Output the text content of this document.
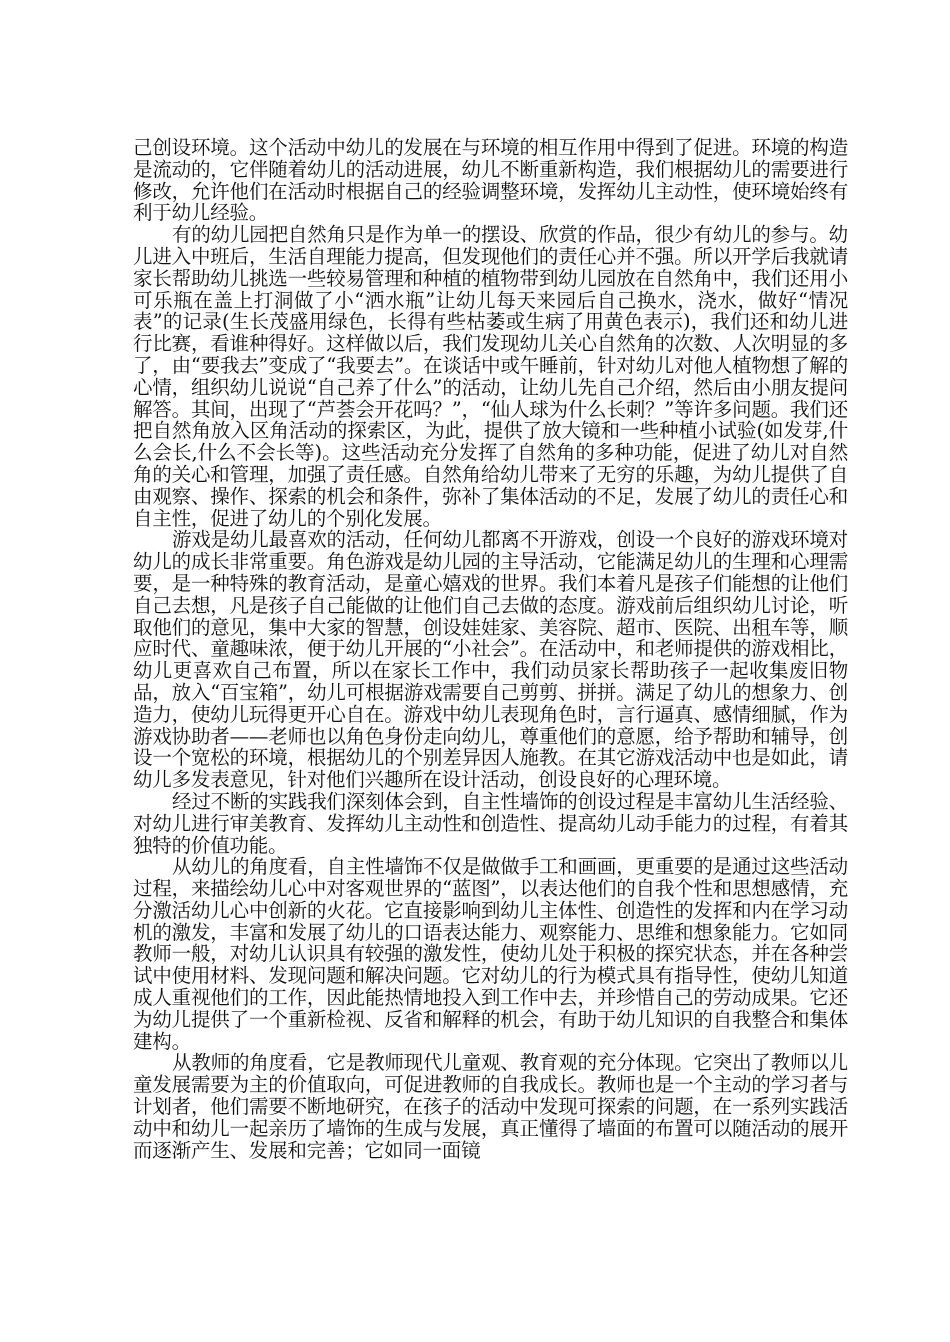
己创设环境。这个活动中幼儿的发展在与环境的相互作用中得到了促进。环境的构造是流动的，它伴随着幼儿的活动进展，幼儿不断重新构造，我们根据幼儿的需要进行修改，允许他们在活动时根据自己的经验调整环境，发挥幼儿主动性，使环境始终有利于幼儿经验。

有的幼儿园把自然角只是作为单一的摆设、欣赏的作品，很少有幼儿的参与。幼儿进入中班后，生活自理能力提高，但发现他们的责任心并不强。所以开学后我就请家长帮助幼儿挑选一些较易管理和种植的植物带到幼儿园放在自然角中，我们还用小可乐瓶在盖上打洞做了小“洒水瓶”让幼儿每天来园后自己换水，浇水，做好“情况表”的记录(生长茂盛用绿色，长得有些枯萎或生病了用黄色表示)，我们还和幼儿进行比赛，看谁种得好。这样做以后，我们发现幼儿关心自然角的次数、人次明显的多了，由“要我去”变成了“我要去”。在谈话中或午睡前，针对幼儿对他人植物想了解的心情，组织幼儿说说“自己养了什么”的活动，让幼儿先自己介绍，然后由小朋友提问解答。其间，出现了“芦荟会开花吗？”，“仙人球为什么长刺？”等许多问题。我们还把自然角放入区角活动的探索区，为此，提供了放大镜和一些种植小试验(如发芽,什么会长,什么不会长等)。这些活动充分发挥了自然角的多种功能，促进了幼儿对自然角的关心和管理，加强了责任感。自然角给幼儿带来了无穷的乐趣，为幼儿提供了自由观察、操作、探索的机会和条件，弥补了集体活动的不足，发展了幼儿的责任心和自主性，促进了幼儿的个别化发展。

游戏是幼儿最喜欢的活动，任何幼儿都离不开游戏，创设一个良好的游戏环境对幼儿的成长非常重要。角色游戏是幼儿园的主导活动，它能满足幼儿的生理和心理需要，是一种特殊的教育活动，是童心嬉戏的世界。我们本着凡是孩子们能想的让他们自己去想，凡是孩子自己能做的让他们自己去做的态度。游戏前后组织幼儿讨论，听取他们的意见，集中大家的智慧，创设娃娃家、美容院、超市、医院、出租车等，顺应时代、童趣味浓，便于幼儿开展的“小社会”。在活动中，和老师提供的游戏相比，幼儿更喜欢自己布置，所以在家长工作中，我们动员家长帮助孩子一起收集废旧物品，放入“百宝箱”，幼儿可根据游戏需要自己剪剪、拼拼。满足了幼儿的想象力、创造力，使幼儿玩得更开心自在。游戏中幼儿表现角色时，言行逼真、感情细腻，作为游戏协助者——老师也以角色身份走向幼儿，尊重他们的意愿，给予帮助和辅导，创设一个宽松的环境，根据幼儿的个别差异因人施教。在其它游戏活动中也是如此，请幼儿多发表意见，针对他们兴趣所在设计活动，创设良好的心理环境。

经过不断的实践我们深刻体会到，自主性墙饰的创设过程是丰富幼儿生活经验、对幼儿进行审美教育、发挥幼儿主动性和创造性、提高幼儿动手能力的过程，有着其独特的价值功能。

从幼儿的角度看，自主性墙饰不仅是做做手工和画画，更重要的是通过这些活动过程，来描绘幼儿心中对客观世界的“蓝图”，以表达他们的自我个性和思想感情，充分激活幼儿心中创新的火花。它直接影响到幼儿主体性、创造性的发挥和内在学习动机的激发，丰富和发展了幼儿的口语表达能力、观察能力、思维和想象能力。它如同教师一般，对幼儿认识具有较强的激发性，使幼儿处于积极的探究状态，并在各种尝试中使用材料、发现问题和解决问题。它对幼儿的行为模式具有指导性，使幼儿知道成人重视他们的工作，因此能热情地投入到工作中去，并珍惜自己的劳动成果。它还为幼儿提供了一个重新检视、反省和解释的机会，有助于幼儿知识的自我整合和集体建构。

从教师的角度看，它是教师现代儿童观、教育观的充分体现。它突出了教师以儿童发展需要为主的价值取向，可促进教师的自我成长。教师也是一个主动的学习者与计划者，他们需要不断地研究，在孩子的活动中发现可探索的问题，在一系列实践活动中和幼儿一起亲历了墙饰的生成与发展，真正懂得了墙面的布置可以随活动的展开而逐渐产生、发展和完善；它如同一面镜
